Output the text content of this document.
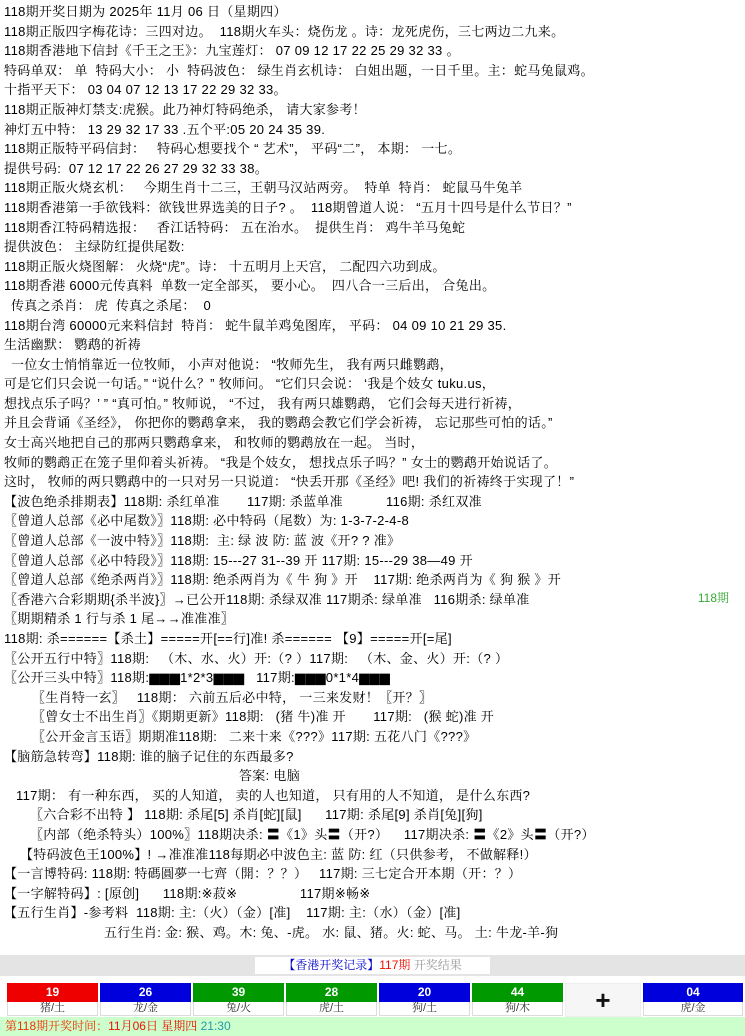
118期开奖日期为 2025年 11月 06 日（星期四）
118期正版四字梅花诗：三四对边。  118期火车头：烧伤龙 。诗：龙死虎伤，三七两边二九来。
118期香港地下信封《千王之王》：九宝莲灯： 07 09 12 17 22 25 29 32 33 。
特码单双： 单  特码大小： 小  特码波色： 绿生肖玄机诗： 白姐出题，一日千里。主：蛇马兔鼠鸡。
十指平天下： 03 04 07 12 13 17 22 29 32 33。
118期正版神灯禁支:虎猴。此乃神灯特码绝杀， 请大家参考！
神灯五中特： 13 29 32 17 33 .五个平:05 20 24 35 39.
118期正版特平码信封：   特码心想要找个 “ 艺术”， 平码“二”， 本期： 一七。
提供号码:  07 12 17 22 26 27 29 32 33 38。
118期正版火烧玄机：   今期生肖十二三，王朝马汉站两旁。  特单  特肖： 蛇鼠马牛兔羊
118期香港第一手欲钱料：欲钱世界选美的日子? 。  118期曾道人说： “五月十四号是什么节日？”
118期香江特码精选报：   香江话特码： 五在治水。  提供生肖： 鸡牛羊马兔蛇
提供波色： 主绿防红提供尾数:
118期正版火烧图解： 火烧“虎”。诗： 十五明月上天宫， 二配四六功到成。
118期香港 6000元传真料  单数一定全部买， 要小心。  四八合一三后出， 合兔出。
传真之杀肖： 虎  传真之杀尾：  0
118期台湾 60000元来料信封  特肖： 蛇牛鼠羊鸡兔图库， 平码： 04 09 10 21 29 35.
生活幽默： 鹦鹉的祈祷
一位女士悄悄靠近一位牧师， 小声对他说： “牧师先生， 我有两只雌鹦鹉，
可是它们只会说一句话。” “说什么？” 牧师问。 “它们只会说： ‘我是个妓女 tuku.us，
想找点乐子吗？’ ” “真可怕。” 牧师说， “不过， 我有两只雄鹦鹉， 它们会每天进行祈祷，
并且会背诵《圣经》， 你把你的鹦鹉拿来， 我的鹦鹉会教它们学会祈祷， 忘记那些可怕的话。”
女士高兴地把自己的那两只鹦鹉拿来， 和牧师的鹦鹉放在一起。 当时，
牧师的鹦鹉正在笼子里仰着头祈祷。 “我是个妓女， 想找点乐子吗？” 女士的鹦鹉开始说话了。
这时， 牧师的两只鹦鹉中的一只对另一只说道： “快丢开那《圣经》吧! 我们的祈祷终于实现了！”
【波色绝杀排期表】118期: 杀红单准       117期: 杀蓝单准           116期: 杀红双准
〖曾道人总部《必中尾数》〗118期: 必中特码（尾数）为: 1-3-7-2-4-8
〖曾道人总部《一波中特》〗118期:  主: 绿 波 防: 蓝 波《开? ? 准》
〖曾道人总部《必中特段》〗118期: 15---27 31--39 开 117期: 15---29 38—49 开
〖曾道人总部《绝杀两肖》〗118期: 绝杀两肖为《 牛 狗 》开    117期: 绝杀两肖为《 狗 猴 》开
〖香港六合彩期期{杀半波}〗→已公开118期: 杀绿双准 117期杀: 绿单准   116期杀: 绿单准
〖期期精杀 1 行与杀 1 尾→→准准准〗
118期: 杀======【杀土】=====开[==行]准! 杀====== 【9】=====开[=尾]
〖公开五行中特〗118期:   （木、水、火）开:（? ）117期:   （木、金、火）开:（? ）
〖公开三头中特〗118期:▆▆▆1*2*3▆▆▆   117期:▆▆▆0*1*4▆▆▆
〖生肖特一玄〗   118期： 六前五后必中特， 一三来发财！〖开？〗
〖曾女士不出生肖〗《期期更新》118期:   (猪 牛)准 开       117期:   (猴 蛇)准 开
〖公开金言玉语〗期期准118期:   二来十来《???》117期: 五花八门《???》
【脑筋急转弯】118期: 谁的脑子记住的东西最多?
答案: 电脑
117期： 有一种东西， 买的人知道， 卖的人也知道， 只有用的人不知道， 是什么东西?
〖六合彩不出特 】 118期: 杀尾[5] 杀肖[蛇][鼠]      117期: 杀尾[9] 杀肖[兔][狗]
〖内部（绝杀特头）100%〗118期决杀: 〓《1》头〓（开?）    117期决杀: 〓《2》头〓（开?）
【特码波色王100%】! →准准准118每期必中波色主: 蓝 防: 红（只供参考， 不做解释!）
【一言博特码: 118期: 特碼圓夢一七齊（開：？？）   117期: 三七定合开本期（开：？）
【一字解特码】: [原创]      118期:※菽※                117期※畅※
【五行生肖】-参考料  118期: 主:（火）（金）[准]    117期: 主:（水）（金）[准]
五行生肖: 金: 猴、鸡。木: 兔、-虎。 水: 鼠、猪。火: 蛇、马。 土: 牛龙-羊-狗
118期
【香港开奖记录】117期 开奖结果
19
猪/土
26
龙/金
39
兔/火
28
虎/土
20
狗/土
44
狗/木	+	04
虎/金
第118期开奖时间：11月06日 星期四 21:30
